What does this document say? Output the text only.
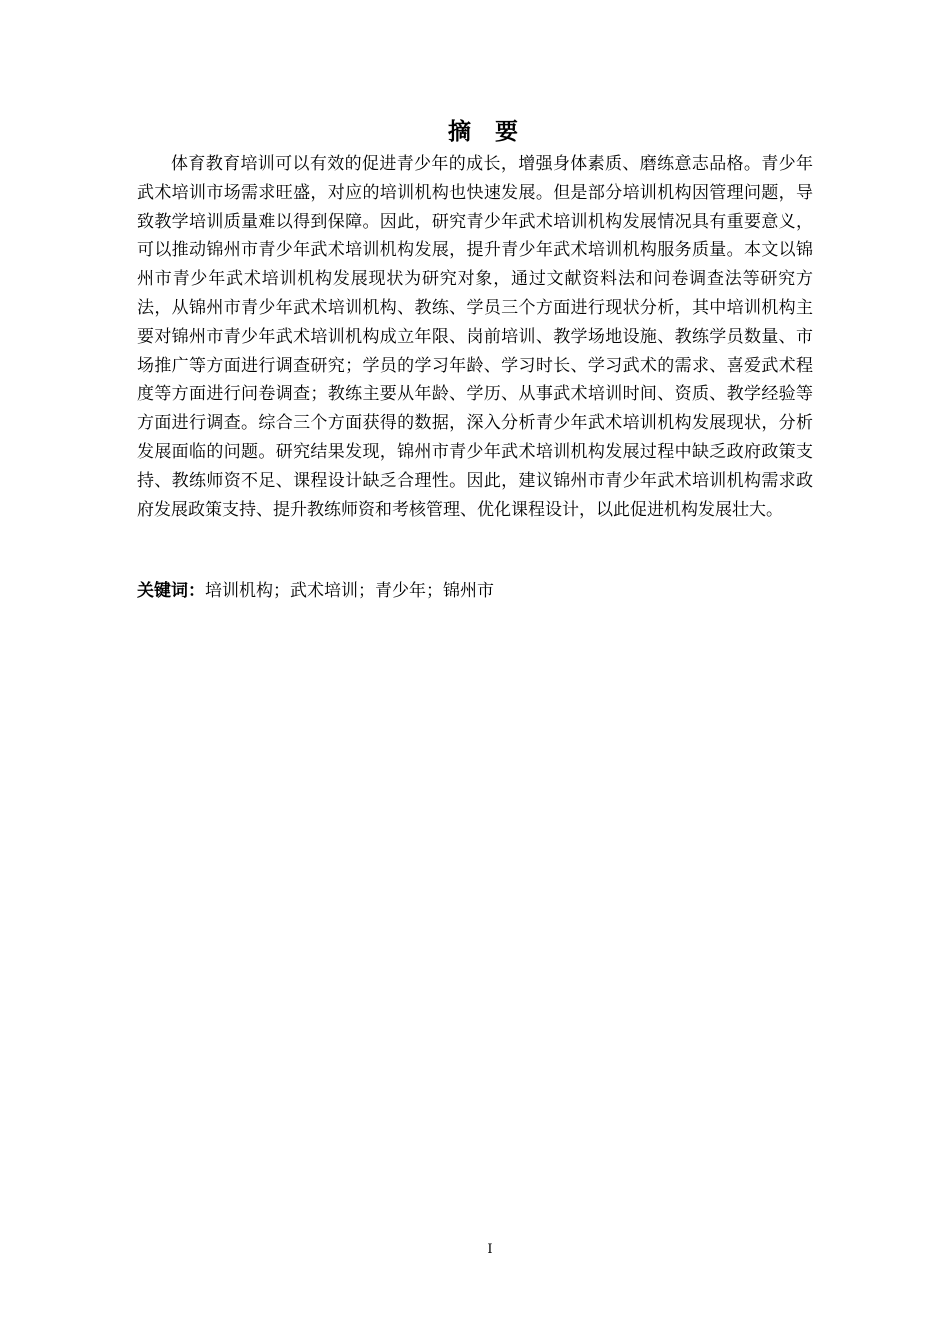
摘 要

体育教育培训可以有效的促进青少年的成长，增强身体素质、磨练意志品格。青少年武术培训市场需求旺盛，对应的培训机构也快速发展。但是部分培训机构因管理问题，导致教学培训质量难以得到保障。因此，研究青少年武术培训机构发展情况具有重要意义，可以推动锦州市青少年武术培训机构发展，提升青少年武术培训机构服务质量。本文以锦州市青少年武术培训机构发展现状为研究对象，通过文献资料法和问卷调查法等研究方法，从锦州市青少年武术培训机构、教练、学员三个方面进行现状分析，其中培训机构主要对锦州市青少年武术培训机构成立年限、岗前培训、教学场地设施、教练学员数量、市场推广等方面进行调查研究；学员的学习年龄、学习时长、学习武术的需求、喜爱武术程度等方面进行问卷调查；教练主要从年龄、学历、从事武术培训时间、资质、教学经验等方面进行调查。综合三个方面获得的数据，深入分析青少年武术培训机构发展现状，分析发展面临的问题。研究结果发现，锦州市青少年武术培训机构发展过程中缺乏政府政策支持、教练师资不足、课程设计缺乏合理性。因此，建议锦州市青少年武术培训机构需求政府发展政策支持、提升教练师资和考核管理、优化课程设计，以此促进机构发展壮大。

关键词：培训机构；武术培训；青少年；锦州市
I
